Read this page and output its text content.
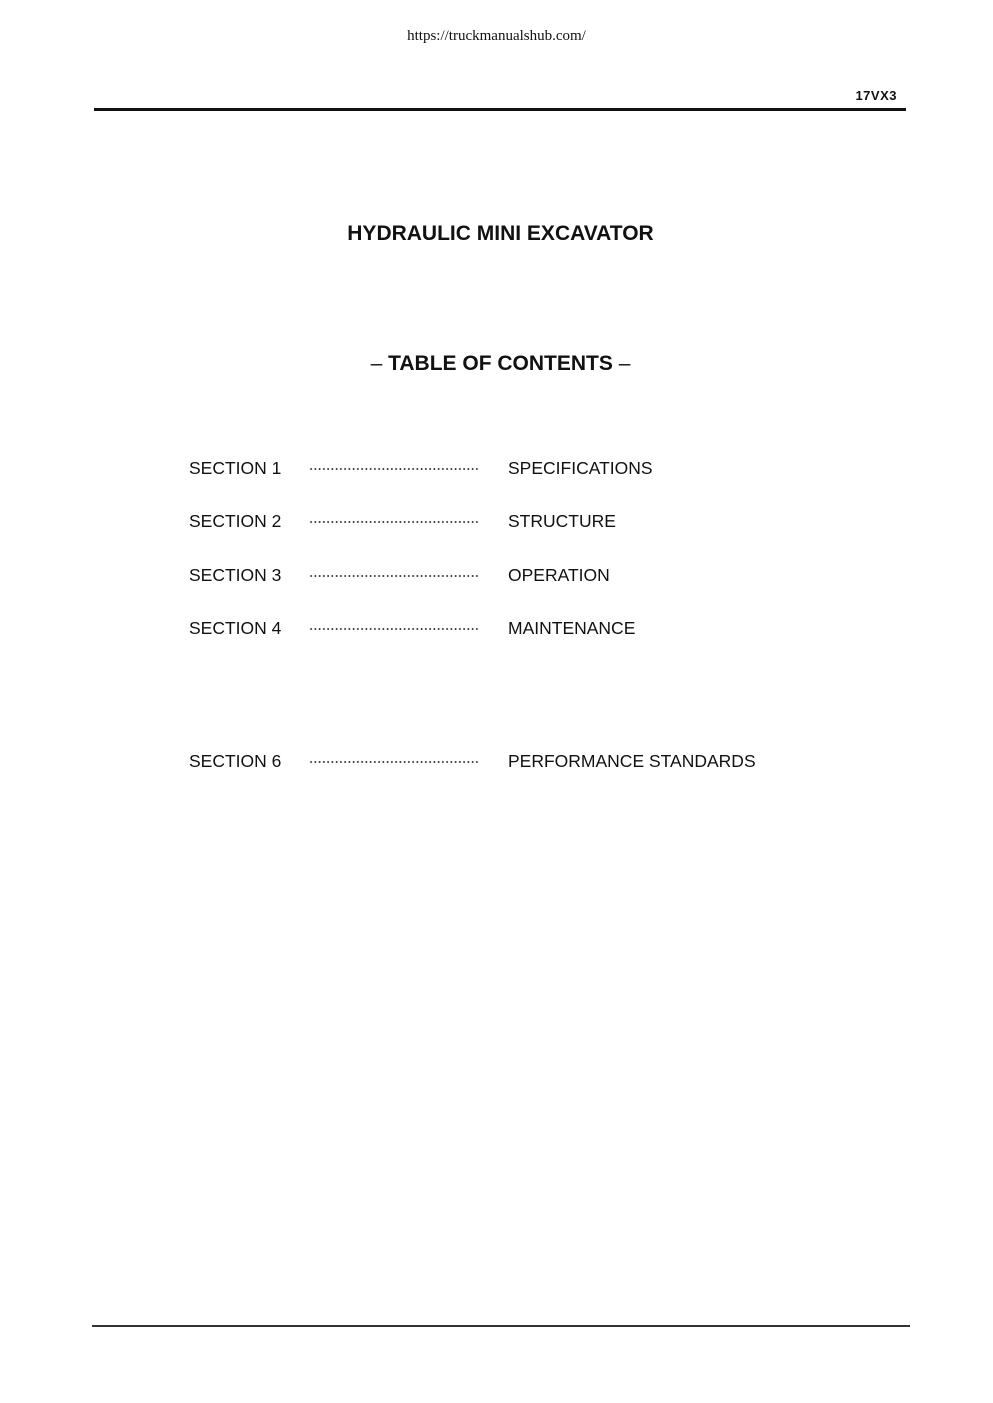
https://truckmanualshub.com/
17VX3
HYDRAULIC MINI EXCAVATOR
– TABLE OF CONTENTS –
SECTION 1	SPECIFICATIONS
SECTION 2	STRUCTURE
SECTION 3	OPERATION
SECTION 4	MAINTENANCE
SECTION 6	PERFORMANCE STANDARDS
